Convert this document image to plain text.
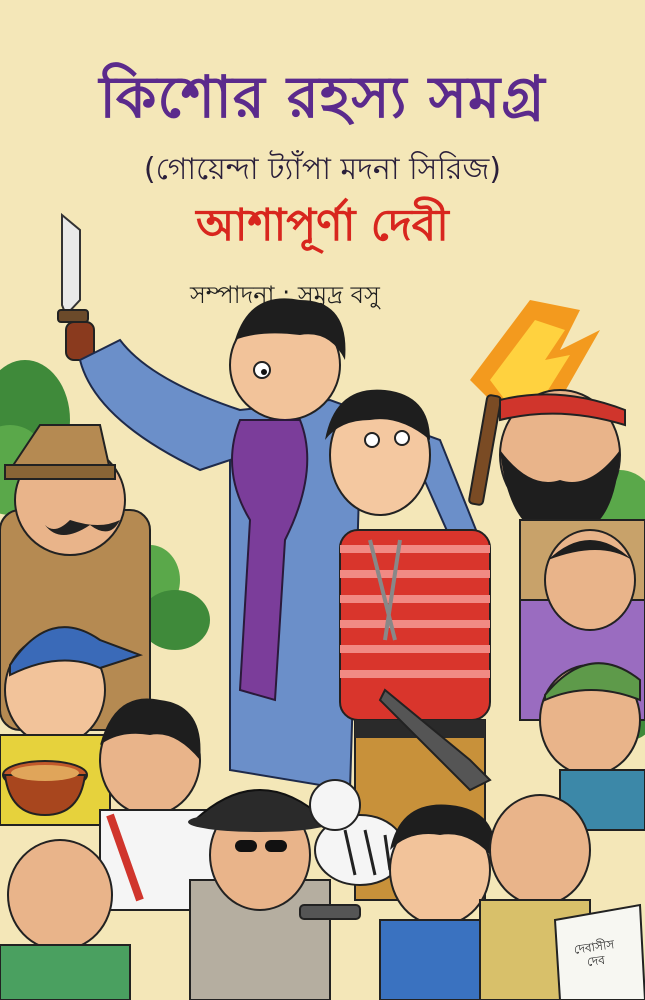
কিশোর রহস্য সমগ্র
(গোয়েন্দা ট্যাঁপা মদনা সিরিজ)
আশাপূর্ণা দেবী
সম্পাদনা : সমুদ্র বসু
দেবাসীস দেব
